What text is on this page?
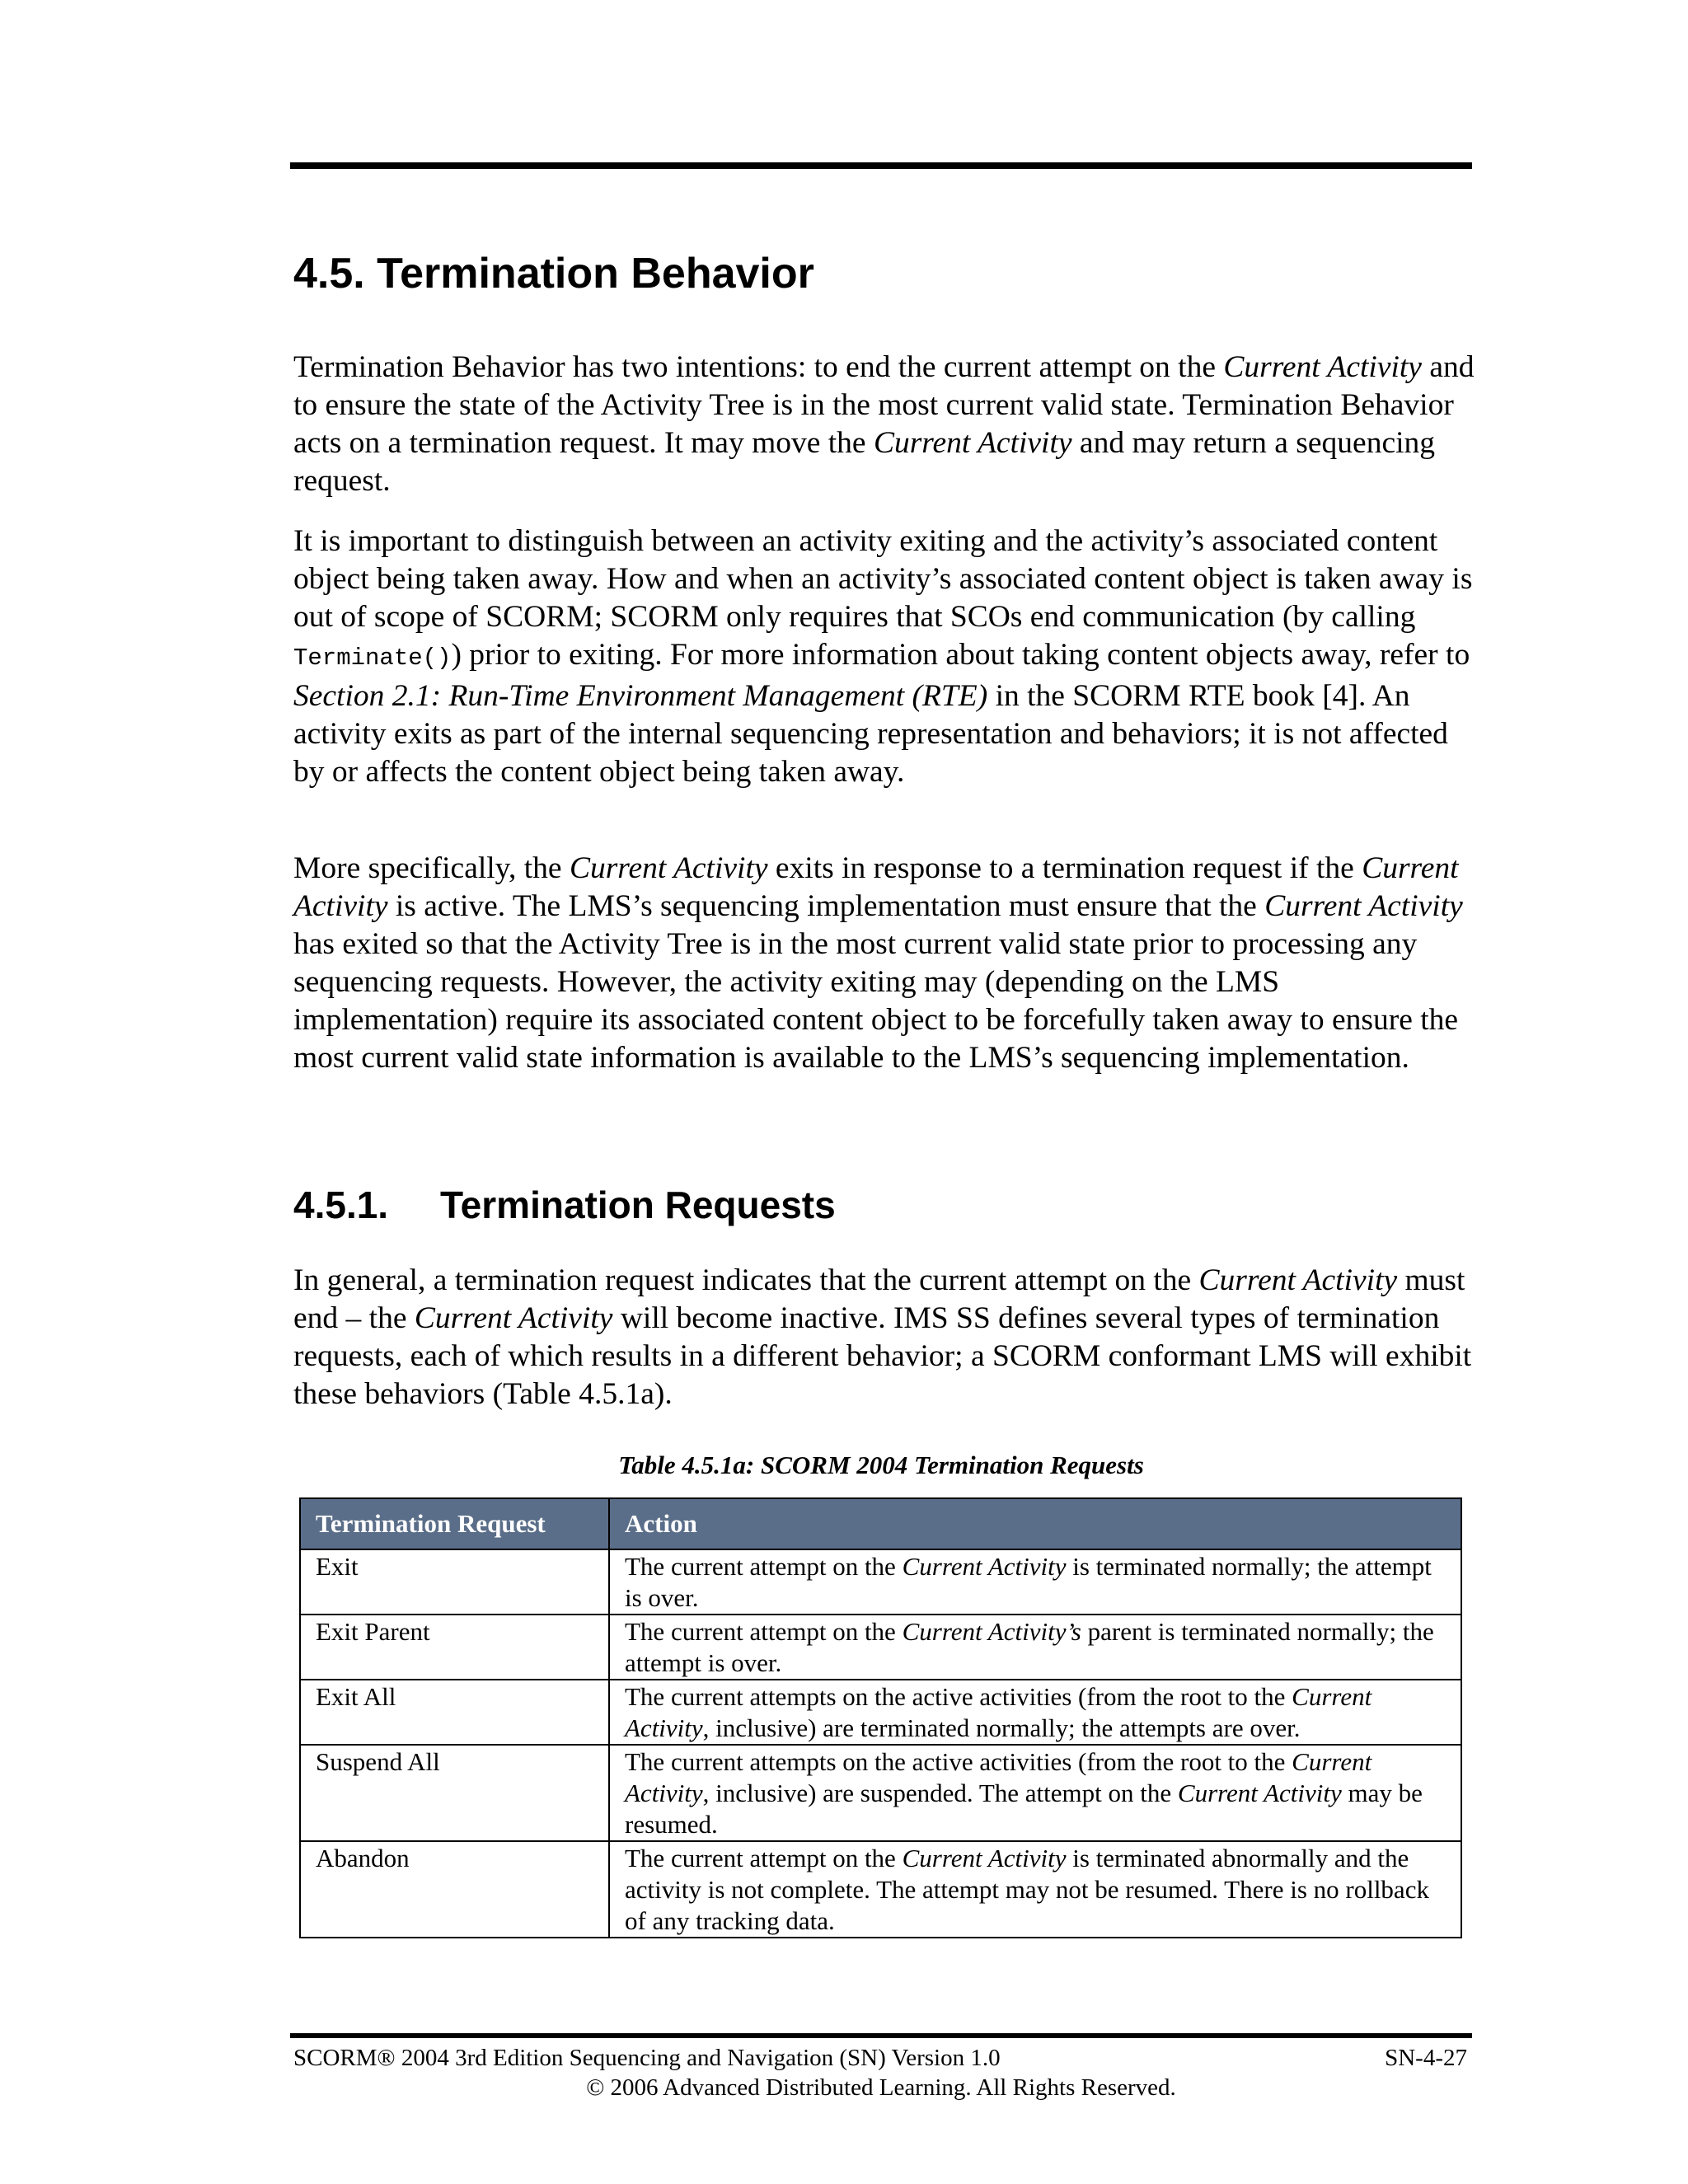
4.5. Termination Behavior

Termination Behavior has two intentions: to end the current attempt on the Current Activity and to ensure the state of the Activity Tree is in the most current valid state. Termination Behavior acts on a termination request. It may move the Current Activity and may return a sequencing request.

It is important to distinguish between an activity exiting and the activity’s associated content object being taken away. How and when an activity’s associated content object is taken away is out of scope of SCORM; SCORM only requires that SCOs end communication (by calling Terminate()) prior to exiting. For more information about taking content objects away, refer to Section 2.1: Run-Time Environment Management (RTE) in the SCORM RTE book [4]. An activity exits as part of the internal sequencing representation and behaviors; it is not affected by or affects the content object being taken away.

More specifically, the Current Activity exits in response to a termination request if the Current Activity is active. The LMS’s sequencing implementation must ensure that the Current Activity has exited so that the Activity Tree is in the most current valid state prior to processing any sequencing requests. However, the activity exiting may (depending on the LMS implementation) require its associated content object to be forcefully taken away to ensure the most current valid state information is available to the LMS’s sequencing implementation.

4.5.1. Termination Requests

In general, a termination request indicates that the current attempt on the Current Activity must end – the Current Activity will become inactive. IMS SS defines several types of termination requests, each of which results in a different behavior; a SCORM conformant LMS will exhibit these behaviors (Table 4.5.1a).

Table 4.5.1a: SCORM 2004 Termination Requests

Termination Request	Action
Exit	The current attempt on the Current Activity is terminated normally; the attempt is over.
Exit Parent	The current attempt on the Current Activity’s parent is terminated normally; the attempt is over.
Exit All	The current attempts on the active activities (from the root to the Current Activity, inclusive) are terminated normally; the attempts are over.
Suspend All	The current attempts on the active activities (from the root to the Current Activity, inclusive) are suspended. The attempt on the Current Activity may be resumed.
Abandon	The current attempt on the Current Activity is terminated abnormally and the activity is not complete. The attempt may not be resumed. There is no rollback of any tracking data.
SCORM® 2004 3rd Edition Sequencing and Navigation (SN) Version 1.0	SN-4-27
© 2006 Advanced Distributed Learning. All Rights Reserved.
